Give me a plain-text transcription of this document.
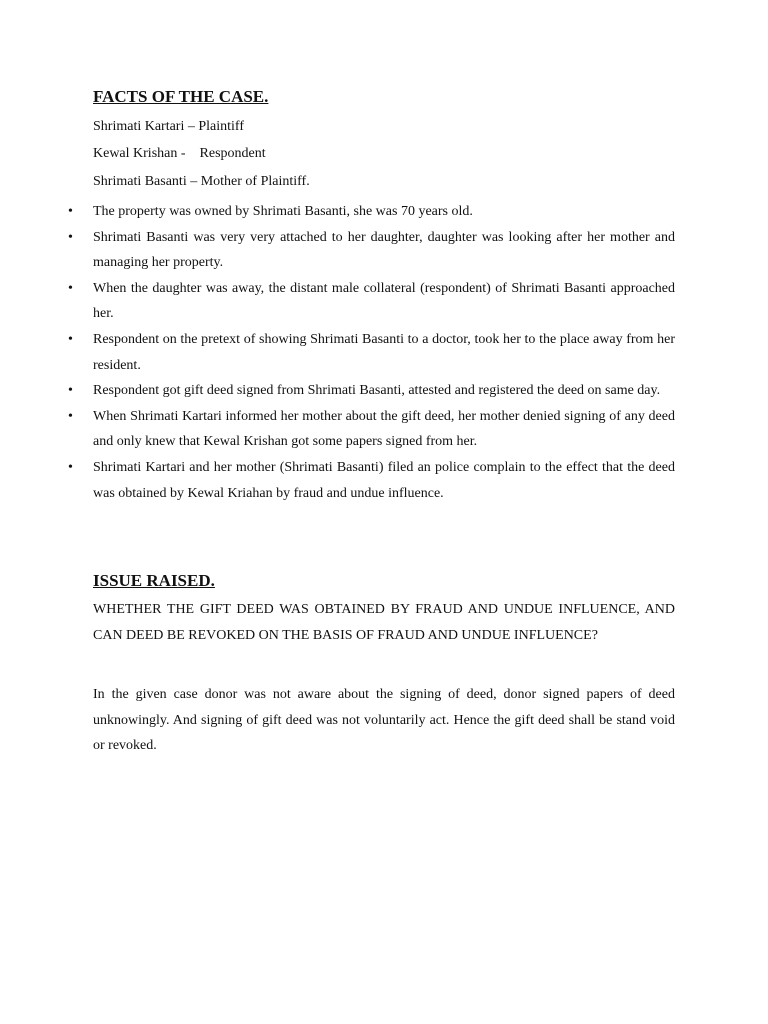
FACTS OF THE CASE.

Shrimati Kartari – Plaintiff

Kewal Krishan -    Respondent

Shrimati Basanti – Mother of Plaintiff.

• The property was owned by Shrimati Basanti, she was 70 years old.
• Shrimati Basanti was very very attached to her daughter, daughter was looking after her mother and managing her property.
• When the daughter was away, the distant male collateral (respondent) of Shrimati Basanti approached her.
• Respondent on the pretext of showing Shrimati Basanti to a doctor, took her to the place away from her resident.
• Respondent got gift deed signed from Shrimati Basanti, attested and registered the deed on same day.
• When Shrimati Kartari informed her mother about the gift deed, her mother denied signing of any deed and only knew that Kewal Krishan got some papers signed from her.
• Shrimati Kartari and her mother (Shrimati Basanti) filed an police complain to the effect that the deed was obtained by Kewal Kriahan by fraud and undue influence.
ISSUE RAISED.

WHETHER THE GIFT DEED WAS OBTAINED BY FRAUD AND UNDUE INFLUENCE, AND CAN DEED BE REVOKED ON THE BASIS OF FRAUD AND UNDUE INFLUENCE?

In the given case donor was not aware about the signing of deed, donor signed papers of deed unknowingly. And signing of gift deed was not voluntarily act. Hence the gift deed shall be stand void or revoked.
